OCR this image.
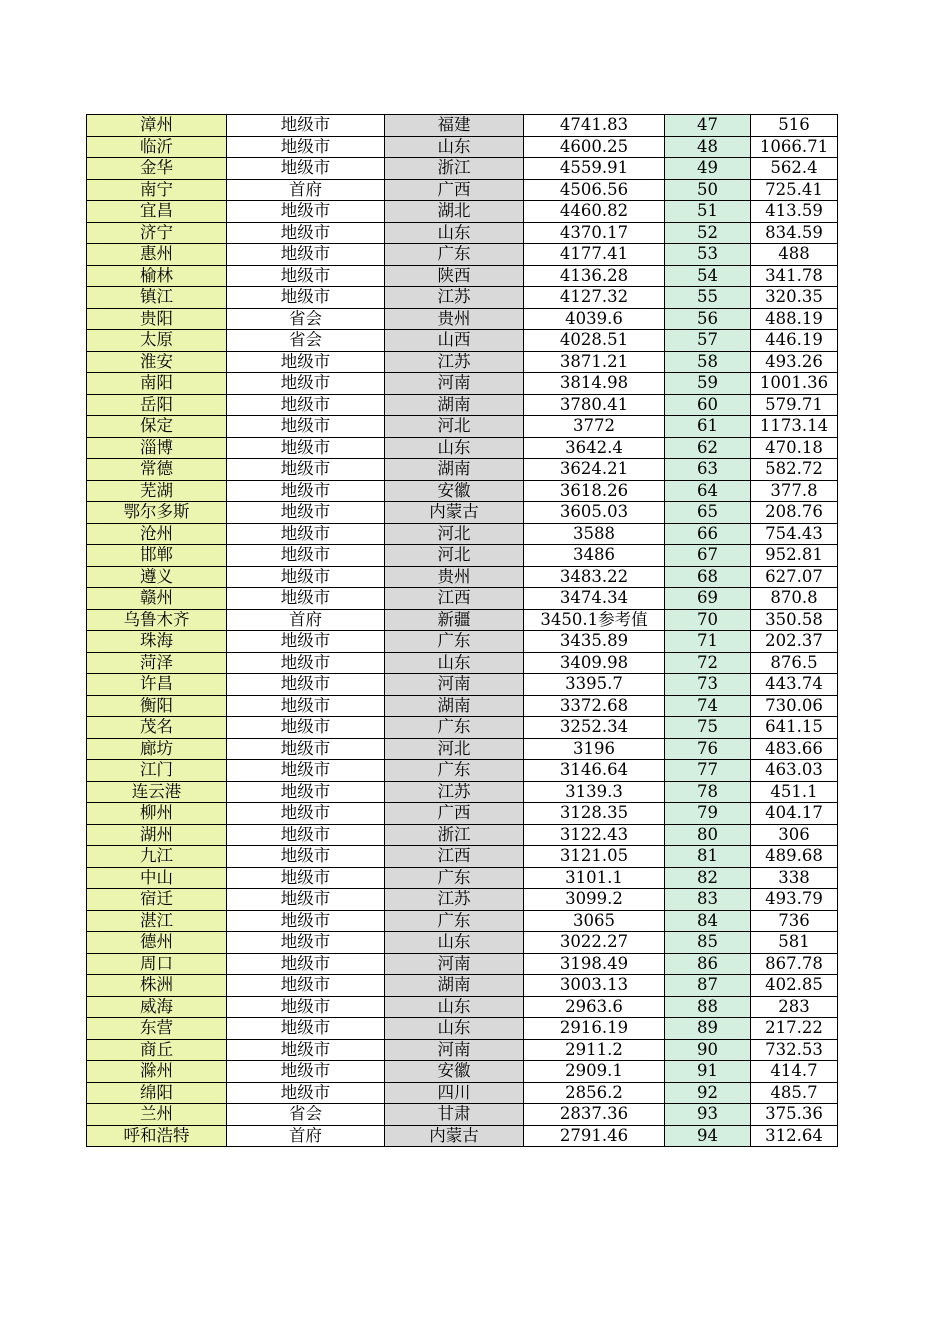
漳州	地级市	福建	4741.83	47	516
临沂	地级市	山东	4600.25	48	1066.71
金华	地级市	浙江	4559.91	49	562.4
南宁	首府	广西	4506.56	50	725.41
宜昌	地级市	湖北	4460.82	51	413.59
济宁	地级市	山东	4370.17	52	834.59
惠州	地级市	广东	4177.41	53	488
榆林	地级市	陕西	4136.28	54	341.78
镇江	地级市	江苏	4127.32	55	320.35
贵阳	省会	贵州	4039.6	56	488.19
太原	省会	山西	4028.51	57	446.19
淮安	地级市	江苏	3871.21	58	493.26
南阳	地级市	河南	3814.98	59	1001.36
岳阳	地级市	湖南	3780.41	60	579.71
保定	地级市	河北	3772	61	1173.14
淄博	地级市	山东	3642.4	62	470.18
常德	地级市	湖南	3624.21	63	582.72
芜湖	地级市	安徽	3618.26	64	377.8
鄂尔多斯	地级市	内蒙古	3605.03	65	208.76
沧州	地级市	河北	3588	66	754.43
邯郸	地级市	河北	3486	67	952.81
遵义	地级市	贵州	3483.22	68	627.07
赣州	地级市	江西	3474.34	69	870.8
乌鲁木齐	首府	新疆	3450.1参考值	70	350.58
珠海	地级市	广东	3435.89	71	202.37
菏泽	地级市	山东	3409.98	72	876.5
许昌	地级市	河南	3395.7	73	443.74
衡阳	地级市	湖南	3372.68	74	730.06
茂名	地级市	广东	3252.34	75	641.15
廊坊	地级市	河北	3196	76	483.66
江门	地级市	广东	3146.64	77	463.03
连云港	地级市	江苏	3139.3	78	451.1
柳州	地级市	广西	3128.35	79	404.17
湖州	地级市	浙江	3122.43	80	306
九江	地级市	江西	3121.05	81	489.68
中山	地级市	广东	3101.1	82	338
宿迁	地级市	江苏	3099.2	83	493.79
湛江	地级市	广东	3065	84	736
德州	地级市	山东	3022.27	85	581
周口	地级市	河南	3198.49	86	867.78
株洲	地级市	湖南	3003.13	87	402.85
威海	地级市	山东	2963.6	88	283
东营	地级市	山东	2916.19	89	217.22
商丘	地级市	河南	2911.2	90	732.53
滁州	地级市	安徽	2909.1	91	414.7
绵阳	地级市	四川	2856.2	92	485.7
兰州	省会	甘肃	2837.36	93	375.36
呼和浩特	首府	内蒙古	2791.46	94	312.64
